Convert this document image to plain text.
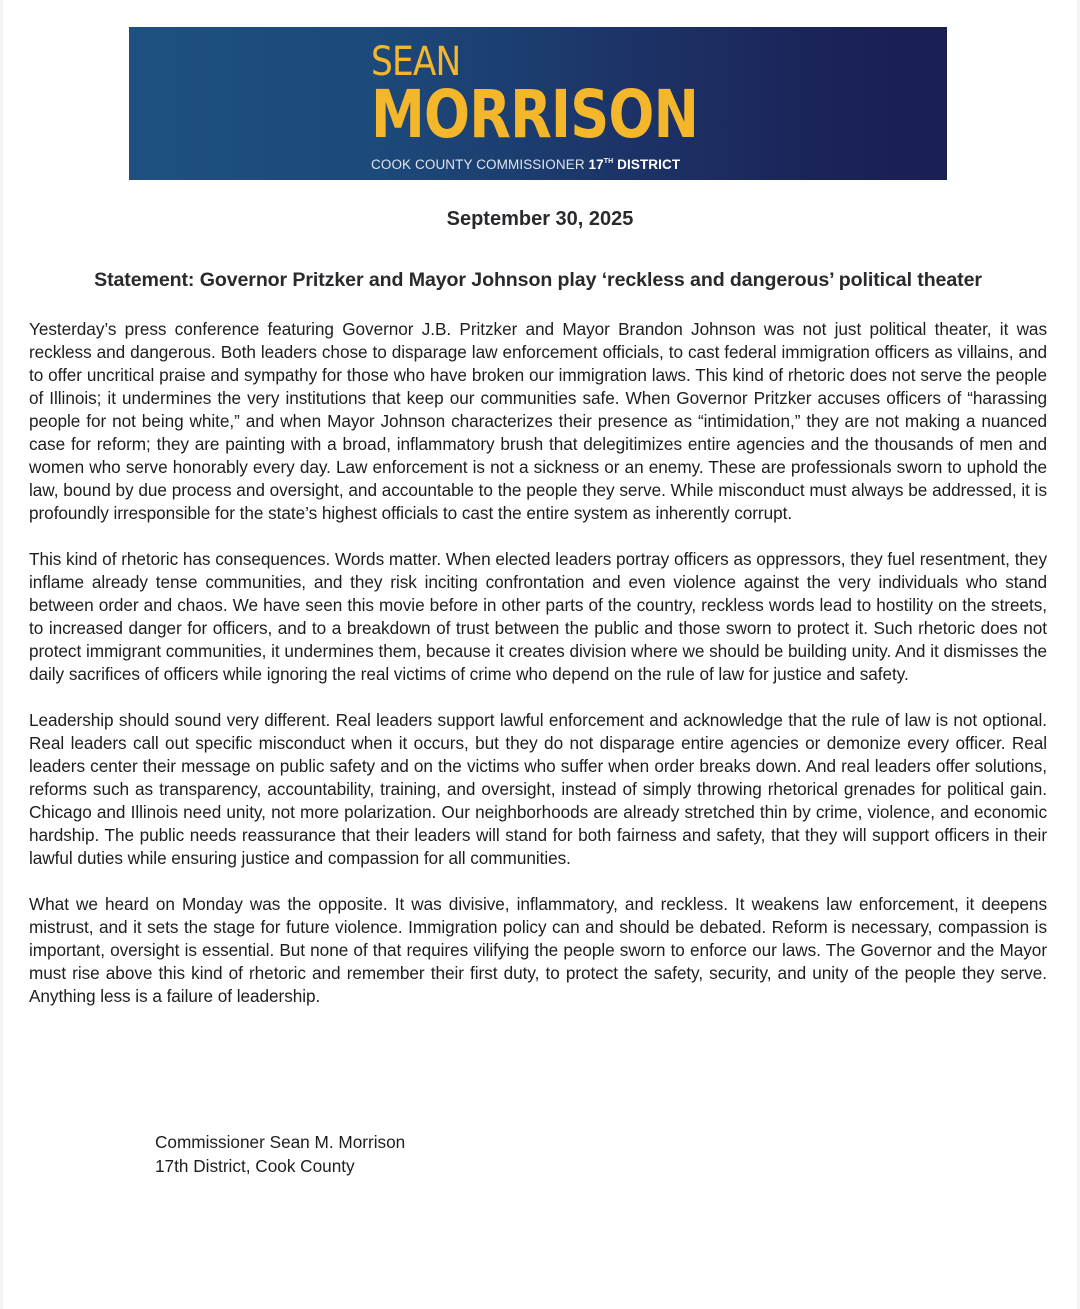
SEAN
MORRISON
COOK COUNTY COMMISSIONER 17TH DISTRICT
September 30, 2025
Statement: Governor Pritzker and Mayor Johnson play ‘reckless and dangerous’ political theater

Yesterday’s press conference featuring Governor J.B. Pritzker and Mayor Brandon Johnson was not just political theater, it was reckless and dangerous. Both leaders chose to disparage law enforcement officials, to cast federal immigration officers as villains, and to offer uncritical praise and sympathy for those who have broken our immigration laws. This kind of rhetoric does not serve the people of Illinois; it undermines the very institutions that keep our communities safe. When Governor Pritzker accuses officers of “harassing people for not being white,” and when Mayor Johnson characterizes their presence as “intimidation,” they are not making a nuanced case for reform; they are painting with a broad, inflammatory brush that delegitimizes entire agencies and the thousands of men and women who serve honorably every day. Law enforcement is not a sickness or an enemy. These are professionals sworn to uphold the law, bound by due process and oversight, and accountable to the people they serve. While misconduct must always be addressed, it is profoundly irresponsible for the state’s highest officials to cast the entire system as inherently corrupt.

This kind of rhetoric has consequences. Words matter. When elected leaders portray officers as oppressors, they fuel resentment, they inflame already tense communities, and they risk inciting confrontation and even violence against the very individuals who stand between order and chaos. We have seen this movie before in other parts of the country, reckless words lead to hostility on the streets, to increased danger for officers, and to a breakdown of trust between the public and those sworn to protect it. Such rhetoric does not protect immigrant communities, it undermines them, because it creates division where we should be building unity. And it dismisses the daily sacrifices of officers while ignoring the real victims of crime who depend on the rule of law for justice and safety.

Leadership should sound very different. Real leaders support lawful enforcement and acknowledge that the rule of law is not optional. Real leaders call out specific misconduct when it occurs, but they do not disparage entire agencies or demonize every officer. Real leaders center their message on public safety and on the victims who suffer when order breaks down. And real leaders offer solutions, reforms such as transparency, accountability, training, and oversight, instead of simply throwing rhetorical grenades for political gain. Chicago and Illinois need unity, not more polarization. Our neighborhoods are already stretched thin by crime, violence, and economic hardship. The public needs reassurance that their leaders will stand for both fairness and safety, that they will support officers in their lawful duties while ensuring justice and compassion for all communities.

What we heard on Monday was the opposite. It was divisive, inflammatory, and reckless. It weakens law enforcement, it deepens mistrust, and it sets the stage for future violence. Immigration policy can and should be debated. Reform is necessary, compassion is important, oversight is essential. But none of that requires vilifying the people sworn to enforce our laws. The Governor and the Mayor must rise above this kind of rhetoric and remember their first duty, to protect the safety, security, and unity of the people they serve. Anything less is a failure of leadership.

Commissioner Sean M. Morrison
17th District, Cook County
